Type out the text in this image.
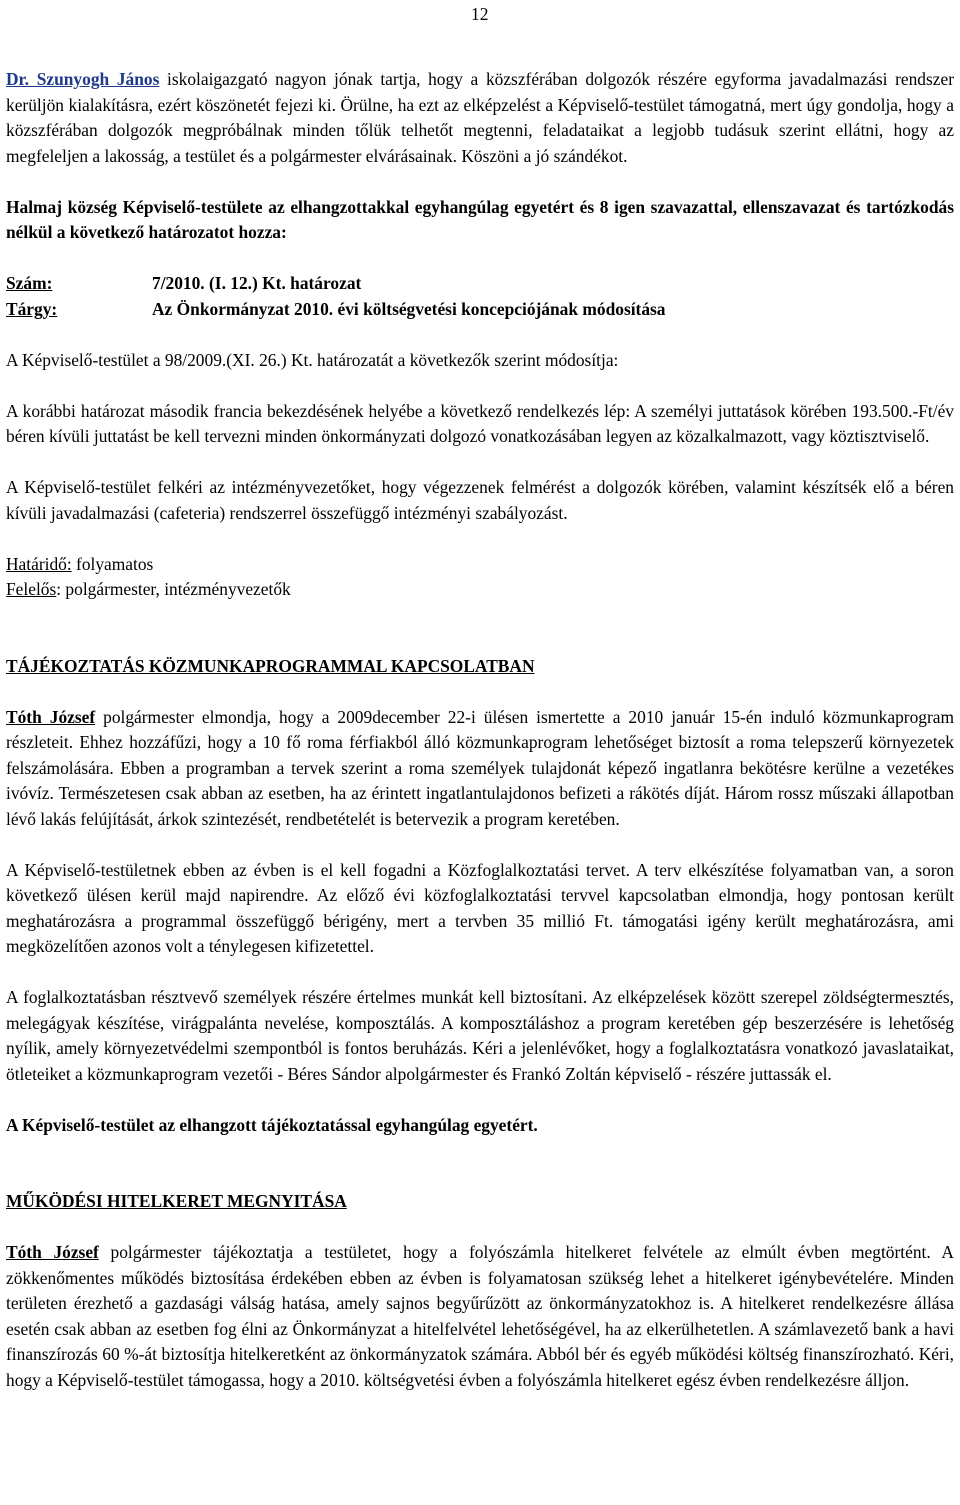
12

Dr. Szunyogh János iskolaigazgató nagyon jónak tartja, hogy a közszférában dolgozók részére egyforma javadalmazási rendszer kerüljön kialakításra, ezért köszönetét fejezi ki. Örülne, ha ezt az elképzelést a Képviselő-testület támogatná, mert úgy gondolja, hogy a közszférában dolgozók megpróbálnak minden tőlük telhetőt megtenni, feladataikat a legjobb tudásuk szerint ellátni, hogy az megfeleljen a lakosság, a testület és a polgármester elvárásainak. Köszöni a jó szándékot.

Halmaj község Képviselő-testülete az elhangzottakkal egyhangúlag egyetért és 8 igen szavazattal, ellenszavazat és tartózkodás nélkül a következő határozatot hozza:

Szám:	7/2010. (I. 12.) Kt. határozat
Tárgy:	Az Önkormányzat 2010. évi költségvetési koncepciójának módosítása

A Képviselő-testület a 98/2009.(XI. 26.) Kt. határozatát a következők szerint módosítja:

A korábbi határozat második francia bekezdésének helyébe a következő rendelkezés lép: A személyi juttatások körében 193.500.-Ft/év béren kívüli juttatást be kell tervezni minden önkormányzati dolgozó vonatkozásában legyen az közalkalmazott, vagy köztisztviselő.

A Képviselő-testület felkéri az intézményvezetőket, hogy végezzenek felmérést a dolgozók körében, valamint készítsék elő a béren kívüli javadalmazási (cafeteria) rendszerrel összefüggő intézményi szabályozást.

Határidő: folyamatos

Felelős: polgármester, intézményvezetők

TÁJÉKOZTATÁS KÖZMUNKAPROGRAMMAL KAPCSOLATBAN

Tóth József polgármester elmondja, hogy a 2009december 22-i ülésen ismertette a 2010 január 15-én induló közmunkaprogram részleteit. Ehhez hozzáfűzi, hogy a 10 fő roma férfiakból álló közmunkaprogram lehetőséget biztosít a roma telepszerű környezetek felszámolására. Ebben a programban a tervek szerint a roma személyek tulajdonát képező ingatlanra bekötésre kerülne a vezetékes ivóvíz. Természetesen csak abban az esetben, ha az érintett ingatlantulajdonos befizeti a rákötés díját. Három rossz műszaki állapotban lévő lakás felújítását, árkok szintezését, rendbetételét is betervezik a program keretében.

A Képviselő-testületnek ebben az évben is el kell fogadni a Közfoglalkoztatási tervet. A terv elkészítése folyamatban van, a soron következő ülésen kerül majd napirendre. Az előző évi közfoglalkoztatási tervvel kapcsolatban elmondja, hogy pontosan került meghatározásra a programmal összefüggő bérigény, mert a tervben 35 millió Ft. támogatási igény került meghatározásra, ami megközelítően azonos volt a ténylegesen kifizetettel.

A foglalkoztatásban résztvevő személyek részére értelmes munkát kell biztosítani. Az elképzelések között szerepel zöldségtermesztés, melegágyak készítése, virágpalánta nevelése, komposztálás. A komposztáláshoz a program keretében gép beszerzésére is lehetőség nyílik, amely környezetvédelmi szempontból is fontos beruházás. Kéri a jelenlévőket, hogy a foglalkoztatásra vonatkozó javaslataikat, ötleteiket a közmunkaprogram vezetői - Béres Sándor alpolgármester és Frankó Zoltán képviselő - részére juttassák el.

A Képviselő-testület az elhangzott tájékoztatással egyhangúlag egyetért.

MŰKÖDÉSI HITELKERET MEGNYITÁSA

Tóth József polgármester tájékoztatja a testületet, hogy a folyószámla hitelkeret felvétele az elmúlt évben megtörtént. A zökkenőmentes működés biztosítása érdekében ebben az évben is folyamatosan szükség lehet a hitelkeret igénybevételére. Minden területen érezhető a gazdasági válság hatása, amely sajnos begyűrűzött az önkormányzatokhoz is. A hitelkeret rendelkezésre állása esetén csak abban az esetben fog élni az Önkormányzat a hitelfelvétel lehetőségével, ha az elkerülhetetlen. A számlavezető bank a havi finanszírozás 60 %-át biztosítja hitelkeretként az önkormányzatok számára. Abból bér és egyéb működési költség finanszírozható. Kéri, hogy a Képviselő-testület támogassa, hogy a 2010. költségvetési évben a folyószámla hitelkeret egész évben rendelkezésre álljon.
